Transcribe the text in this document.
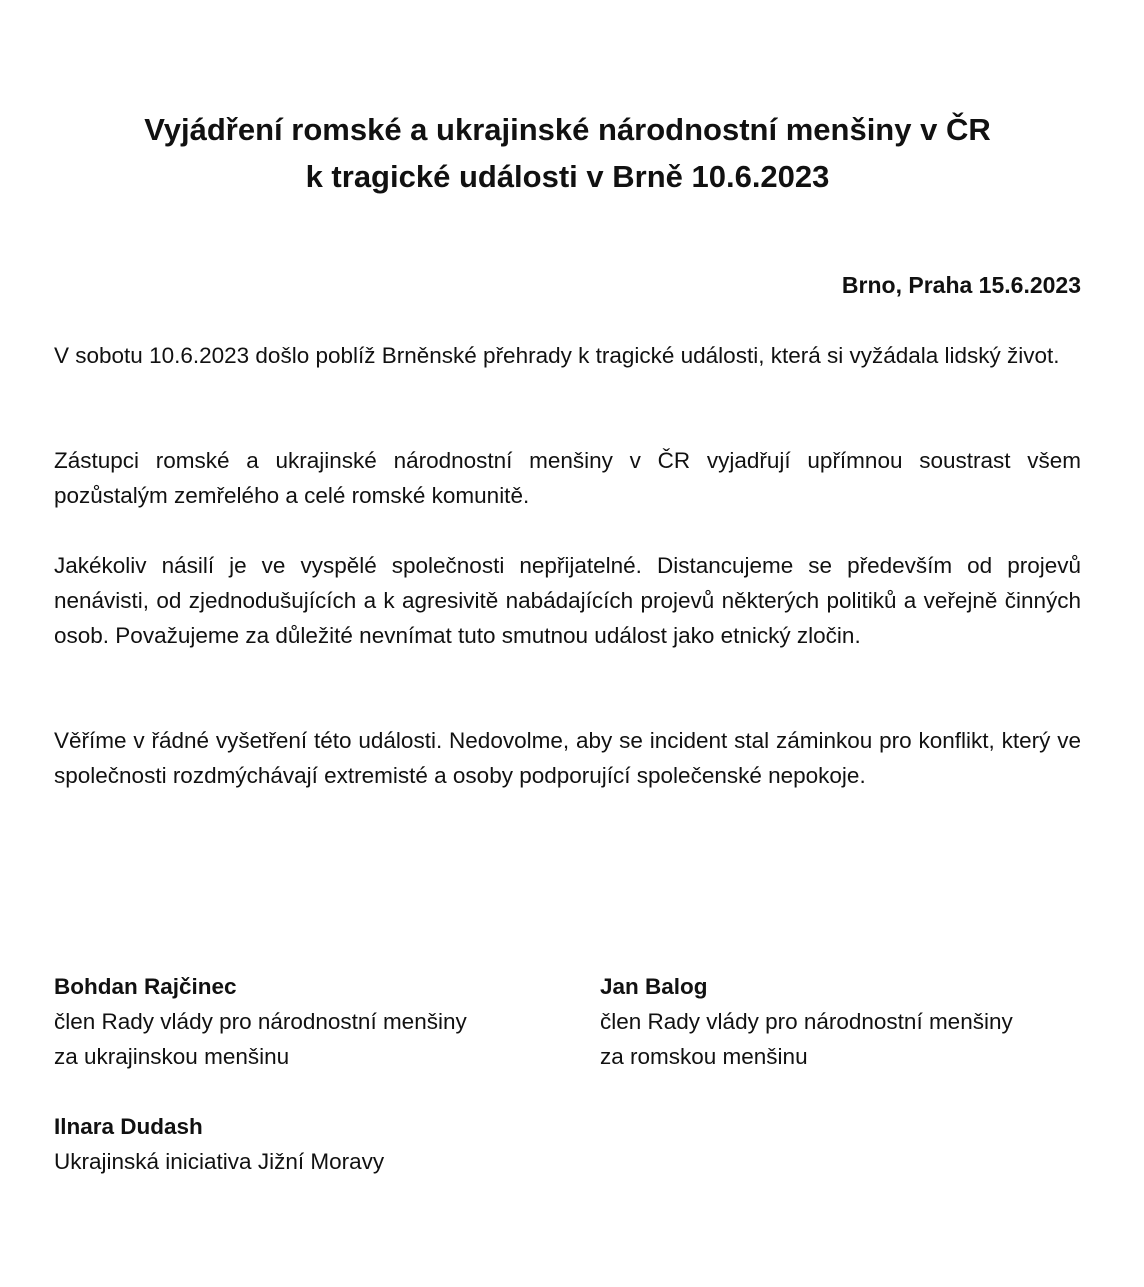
Vyjádření romské a ukrajinské národnostní menšiny v ČR
k tragické události v Brně 10.6.2023
Brno, Praha 15.6.2023

V sobotu 10.6.2023 došlo poblíž Brněnské přehrady k tragické události, která si vyžádala lidský život.

Zástupci romské a ukrajinské národnostní menšiny v ČR vyjadřují upřímnou soustrast všem pozůstalým zemřelého a celé romské komunitě.

Jakékoliv násilí je ve vyspělé společnosti nepřijatelné. Distancujeme se především od projevů nenávisti, od zjednodušujících a k agresivitě nabádajících projevů některých politiků a veřejně činných osob. Považujeme za důležité nevnímat tuto smutnou událost jako etnický zločin.

Věříme v řádné vyšetření této události. Nedovolme, aby se incident stal záminkou pro konflikt, který ve společnosti rozdmýchávají extremisté a osoby podporující společenské nepokoje.

Bohdan Rajčinec
člen Rady vlády pro národnostní menšiny
za ukrajinskou menšinu
Jan Balog
člen Rady vlády pro národnostní menšiny
za romskou menšinu
Ilnara Dudash
Ukrajinská iniciativa Jižní Moravy
